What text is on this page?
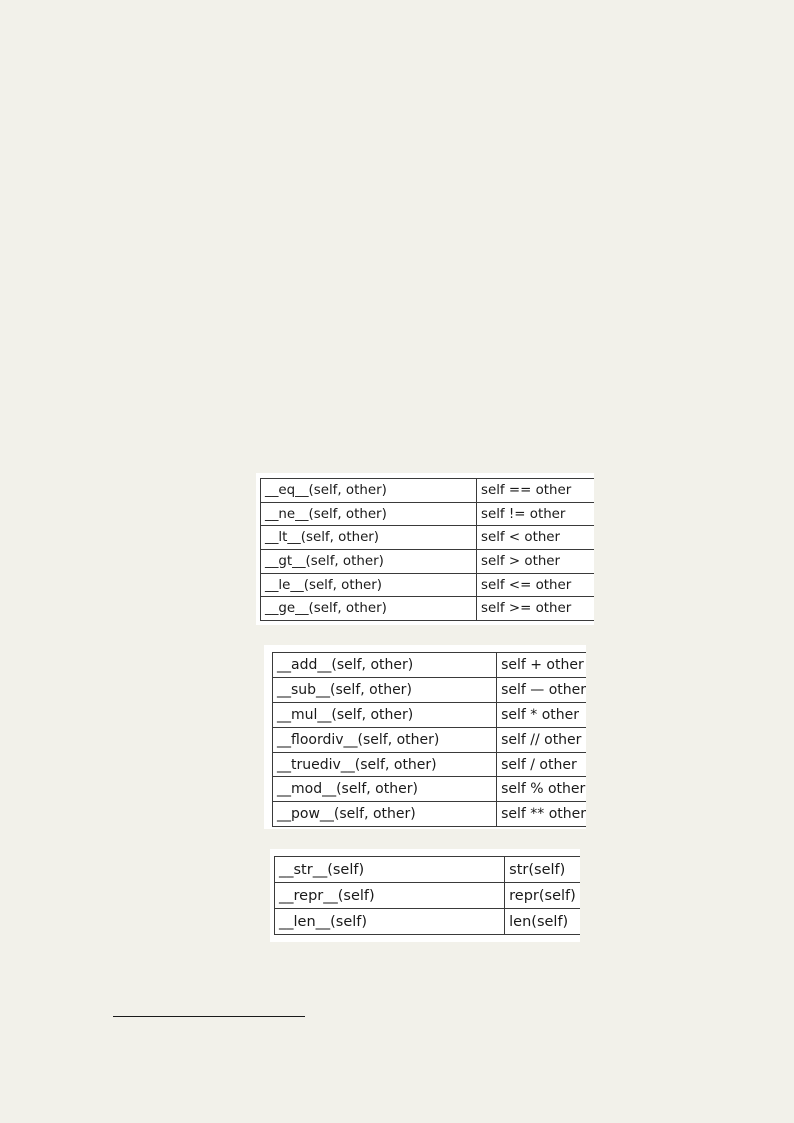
__eq__(self, other)	self == other
__ne__(self, other)	self != other
__lt__(self, other)	self < other
__gt__(self, other)	self > other
__le__(self, other)	self <= other
__ge__(self, other)	self >= other
__add__(self, other)	self + other
__sub__(self, other)	self — other
__mul__(self, other)	self * other
__floordiv__(self, other)	self // other
__truediv__(self, other)	self / other
__mod__(self, other)	self % other
__pow__(self, other)	self ** other
__str__(self)	str(self)
__repr__(self)	repr(self)
__len__(self)	len(self)
